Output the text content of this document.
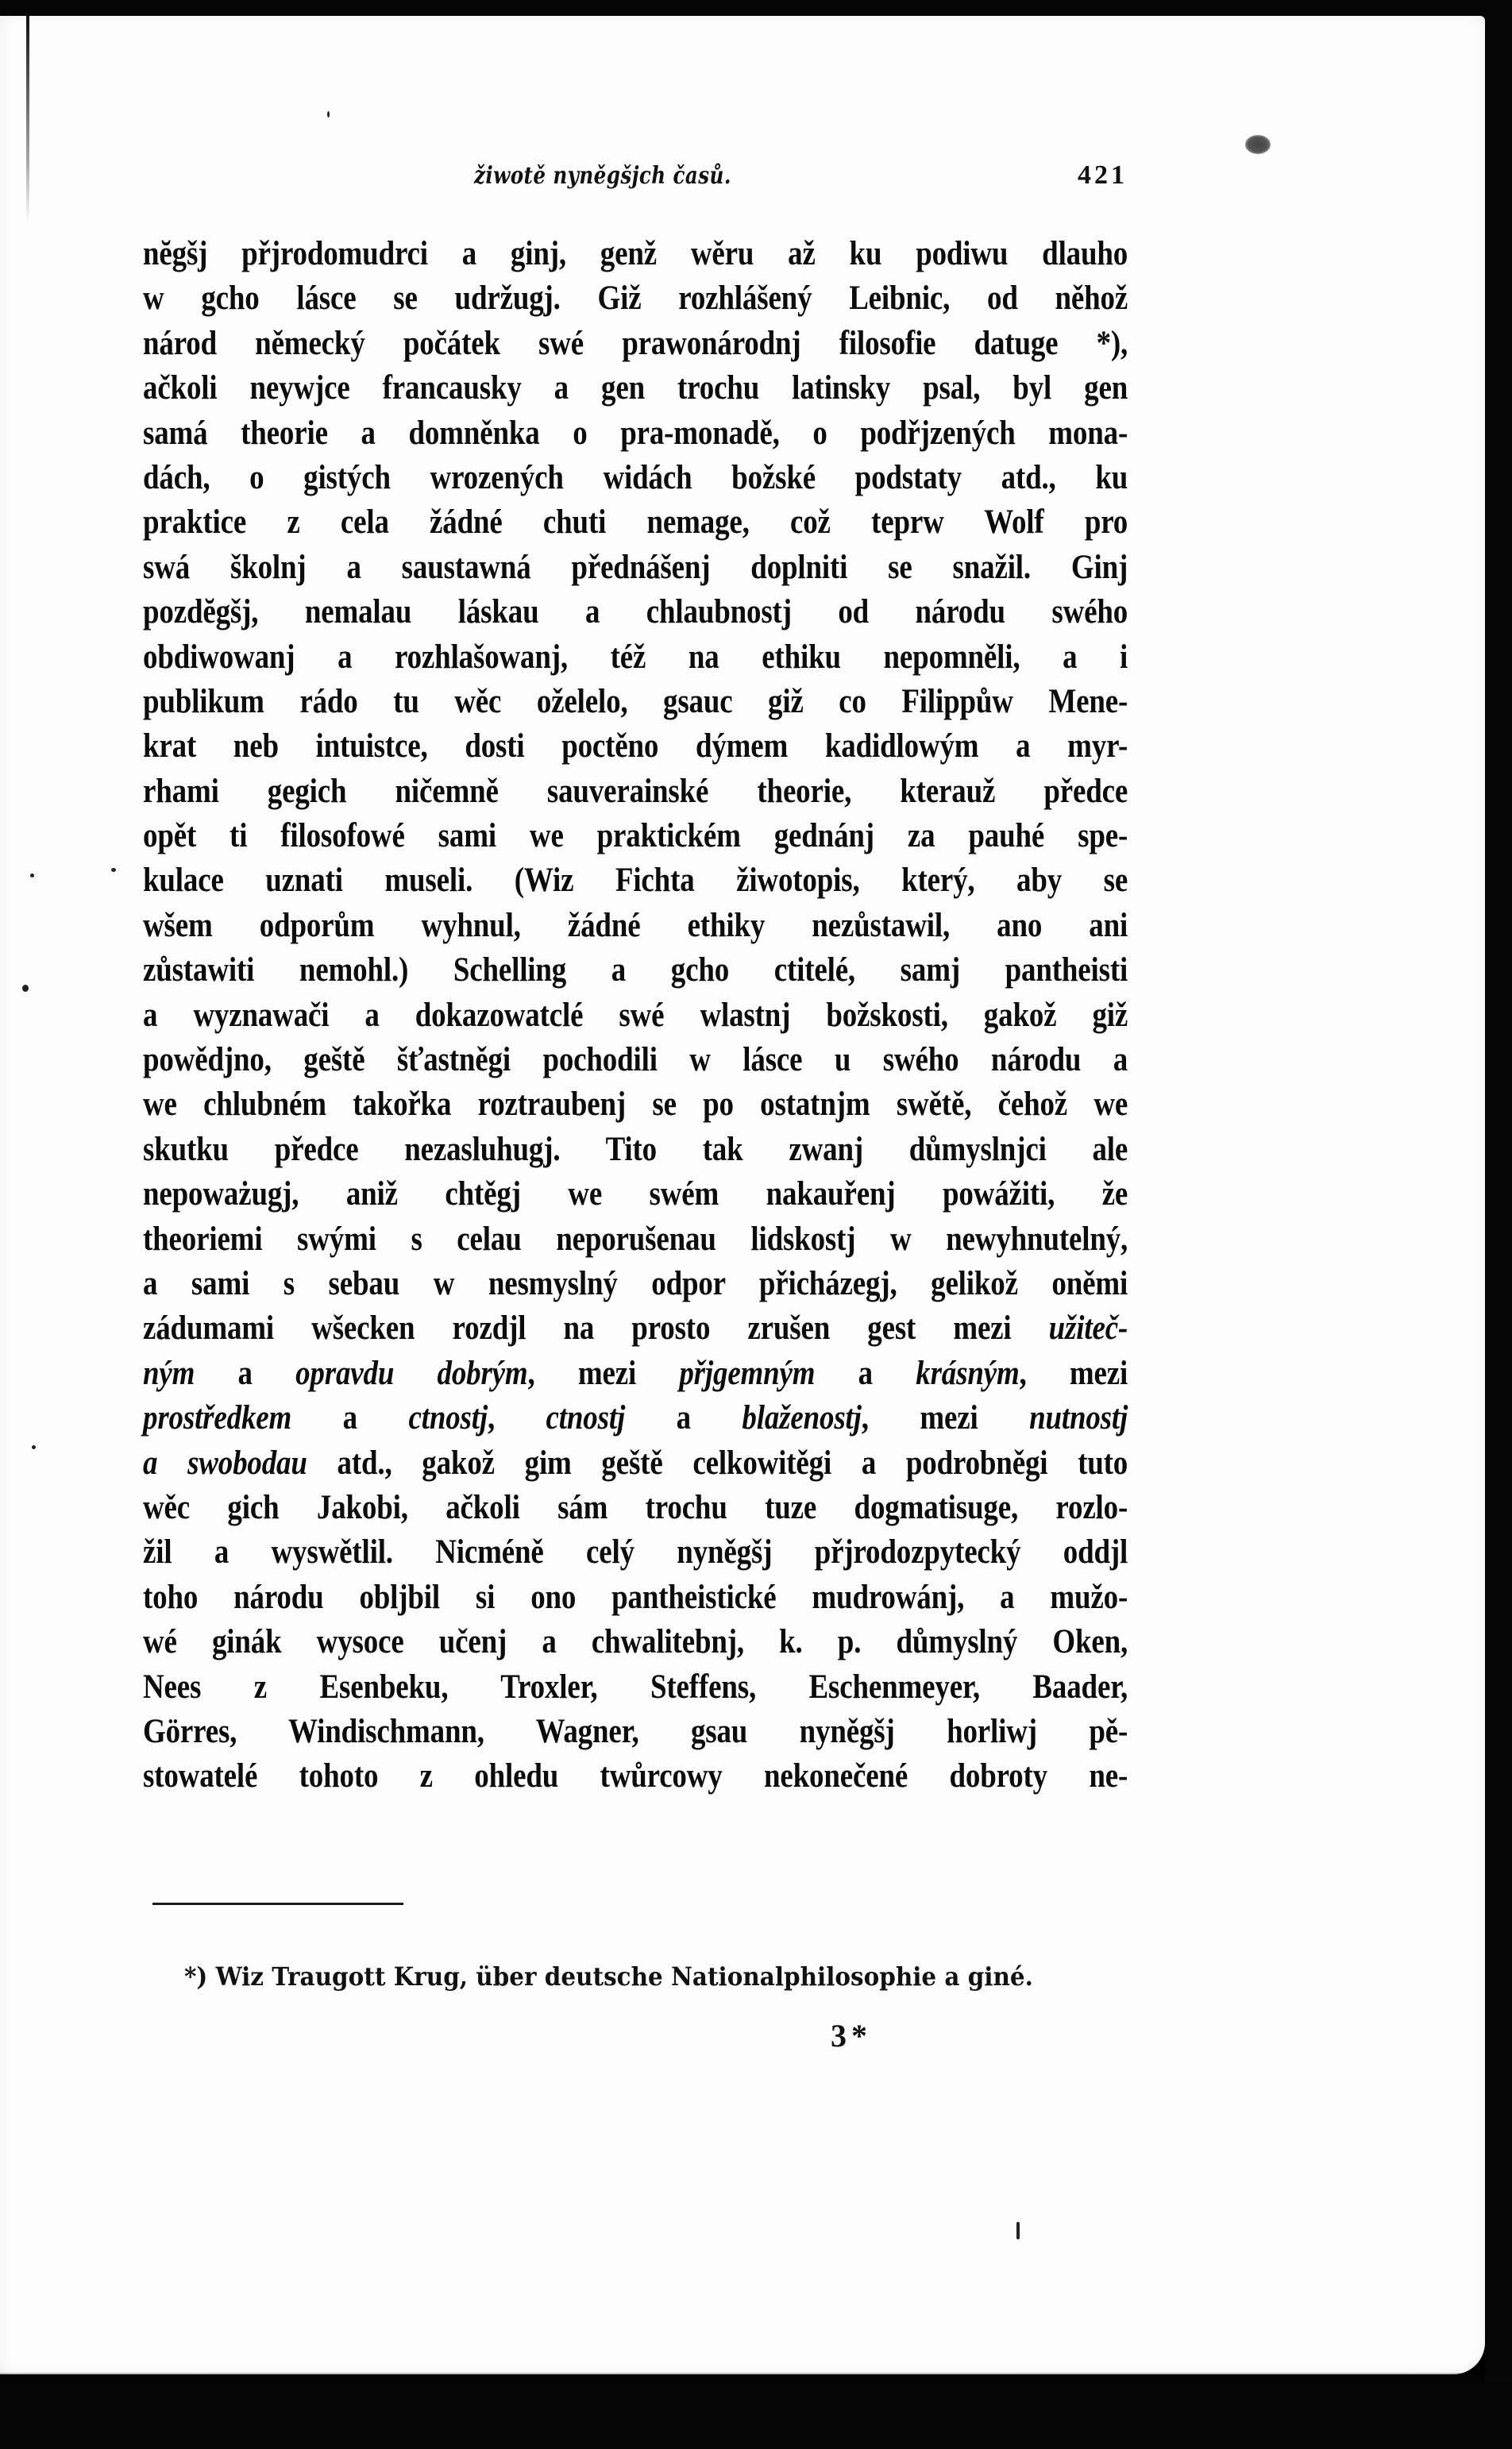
žiwotě nyněgšjch časů.	421
nĕgšj přjrodomudrci a ginj, genž wěru až ku podiwu dlauho
w gcho lásce se udržugj. Giž rozhlášený Leibnic, od něhož
národ německý počátek swé prawonárodnj filosofie datuge *),
ačkoli neywjce francausky a gen trochu latinsky psal, byl gen
samá theorie a domněnka o pra-monadě, o podřjzených mona-
dách, o gistých wrozených widách božské podstaty atd., ku
praktice z cela žádné chuti nemage, což teprw Wolf pro
swá školnj a saustawná přednášenj doplniti se snažil. Ginj
pozdĕgšj, nemalau láskau a chlaubnostj od národu swého
obdiwowanj a rozhlašowanj, též na ethiku nepomněli, a i
publikum rádo tu wěc oželelo, gsauc giž co Filippůw Mene-
krat neb intuistce, dosti poctěno dýmem kadidlowým a myr-
rhami gegich ničemně sauverainské theorie, kterauž předce
opět ti filosofowé sami we praktickém gednánj za pauhé spe-
kulace uznati museli. (Wiz Fichta žiwotopis, který, aby se
wšem odporům wyhnul, žádné ethiky nezůstawil, ano ani
zůstawiti nemohl.) Schelling a gcho ctitelé, samj pantheisti
a wyznawači a dokazowatclé swé wlastnj božskosti, gakož giž
powědjno, geště šťastněgi pochodili w lásce u swého národu a
we chlubném takořka roztraubenj se po ostatnjm swětě, čehož we
skutku předce nezasluhugj. Tito tak zwanj důmyslnjci ale
nepoważugj, aniž chtěgj we swém nakauřenj powážiti, že
theoriemi swými s celau neporušenau lidskostj w newyhnutelný,
a sami s sebau w nesmyslný odpor přicházegj, gelikož oněmi
zádumami wšecken rozdjl na prosto zrušen gest mezi užiteč-
ným a opravdu dobrým, mezi přjgemným a krásným, mezi
prostředkem a ctnostj, ctnostj a blaženostj, mezi nutnostj
a swobodau atd., gakož gim geště celkowitěgi a podrobněgi tuto
wěc gich Jakobi, ačkoli sám trochu tuze dogmatisuge, rozlo-
žil a wyswětlil. Nicméně celý nyněgšj přjrodozpytecký oddjl
toho národu obljbil si ono pantheistické mudrowánj, a mužo-
wé ginák wysoce učenj a chwalitebnj, k. p. důmyslný Oken,
Nees z Esenbeku, Troxler, Steffens, Eschenmeyer, Baader,
Görres, Windischmann, Wagner, gsau nyněgšj horliwj pě-
stowatelé tohoto z ohledu twůrcowy nekonečené dobroty ne-
*) Wiz Traugott Krug, über deutsche Nationalphilosophie a giné.
3*
